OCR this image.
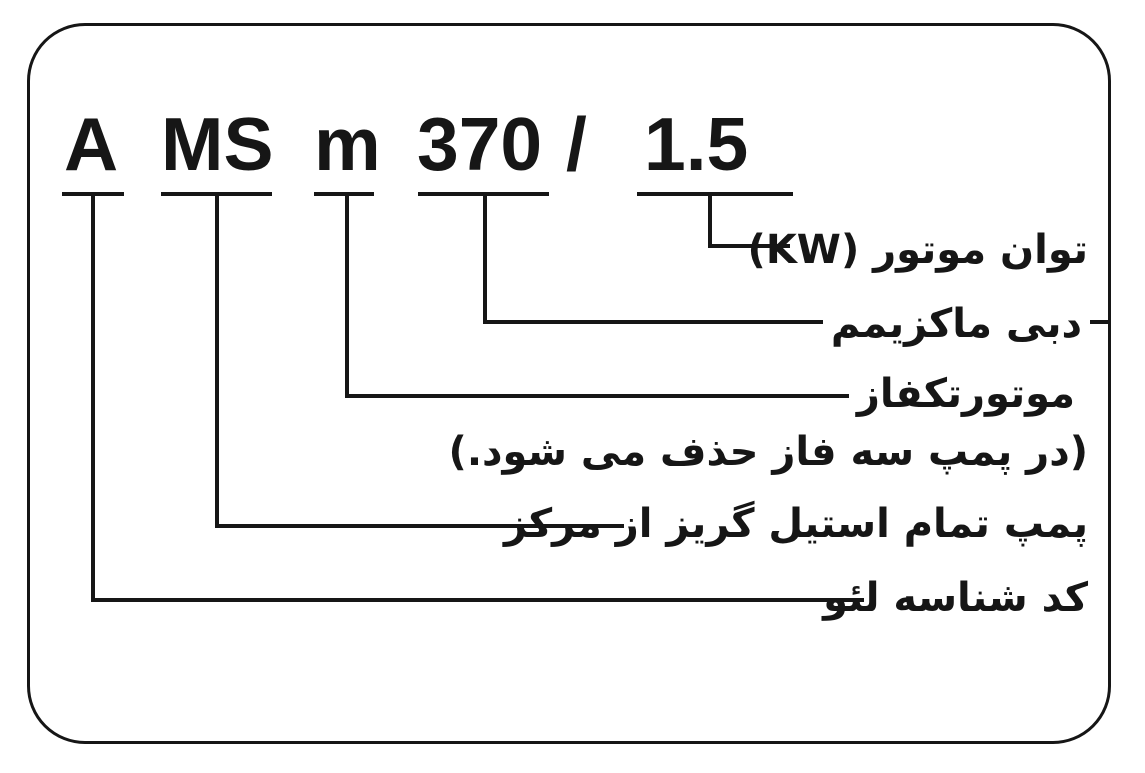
A MS m 370 / 1.5
توان موتور (KW)
دبی ماکزیمم
موتورتکفاز
(در پمپ سه فاز حذف می شود.)
پمپ تمام استیل گریز از مرکز
کد شناسه لئو
